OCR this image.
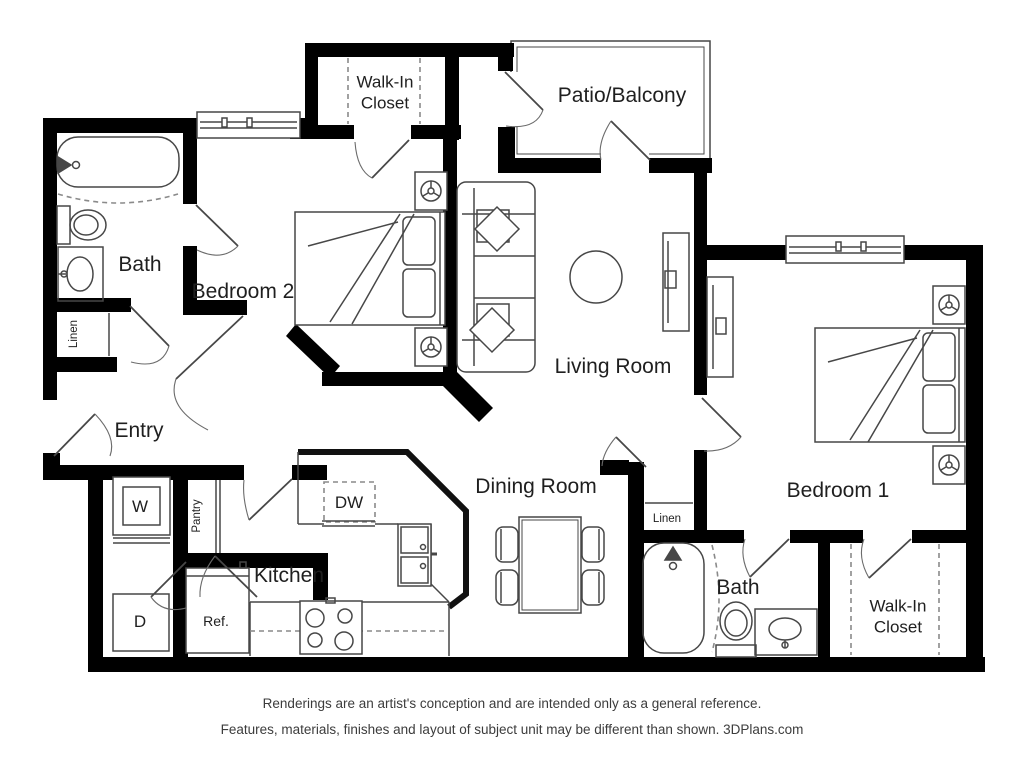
Walk-In Closet	Patio/Balcony
Bath
Bedroom 2
Living Room
Entry
Linen
W	Pantry
D	Ref.
DW
Kitchen
Dining Room	Bedroom 1
Linen
Bath
Walk-In Closet
Renderings are an artist's conception and are intended only as a general reference.
Features, materials, finishes and layout of subject unit may be different than shown. 3DPlans.com
